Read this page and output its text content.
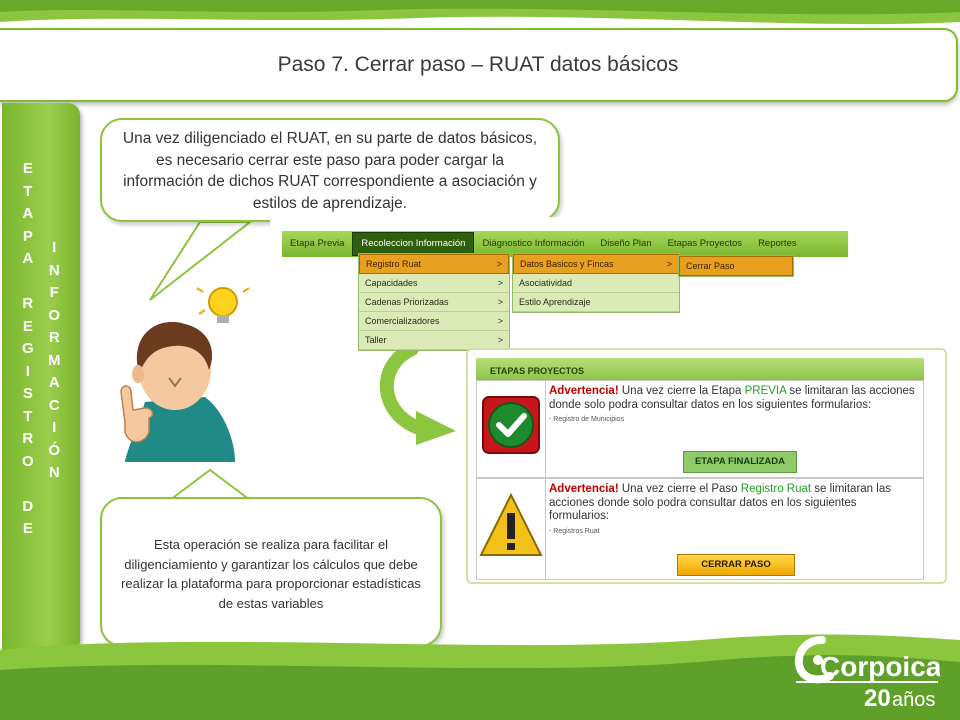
Paso 7. Cerrar paso – RUAT datos básicos
E
T
A
P
A
R
E
G
I
S
T
R
O
D
E
I
N
F
O
R
M
A
C
I
Ó
N
Una vez diligenciado el RUAT, en su parte de datos básicos, es necesario cerrar este paso para poder cargar la información de dichos RUAT correspondiente a asociación y estilos de aprendizaje.
Esta operación se realiza para facilitar el diligenciamiento y garantizar los cálculos que debe realizar la plataforma para proporcionar estadísticas de estas variables
Etapa Previa	Recoleccion Información	Diágnostico Información	Diseño Plan	Etapas Proyectos	Reportes
Registro Ruat	>
Capacidades	>
Cadenas Priorizadas	>
Comercializadores	>
Taller	>
Datos Basicos y Fincas	>
Asociatividad
Estilo Aprendizaje
Cerrar Paso
ETAPAS PROYECTOS
Advertencia! Una vez cierre la Etapa PREVIA se limitaran las acciones donde solo podra consultar datos en los siguientes formularios:
- Registro de Municipios
ETAPA FINALIZADA
Advertencia! Una vez cierre el Paso Registro Ruat se limitaran las acciones donde solo podra consultar datos en los siguientes formularios:
- Registros Ruat
CERRAR PASO
Corpoica
20 años
